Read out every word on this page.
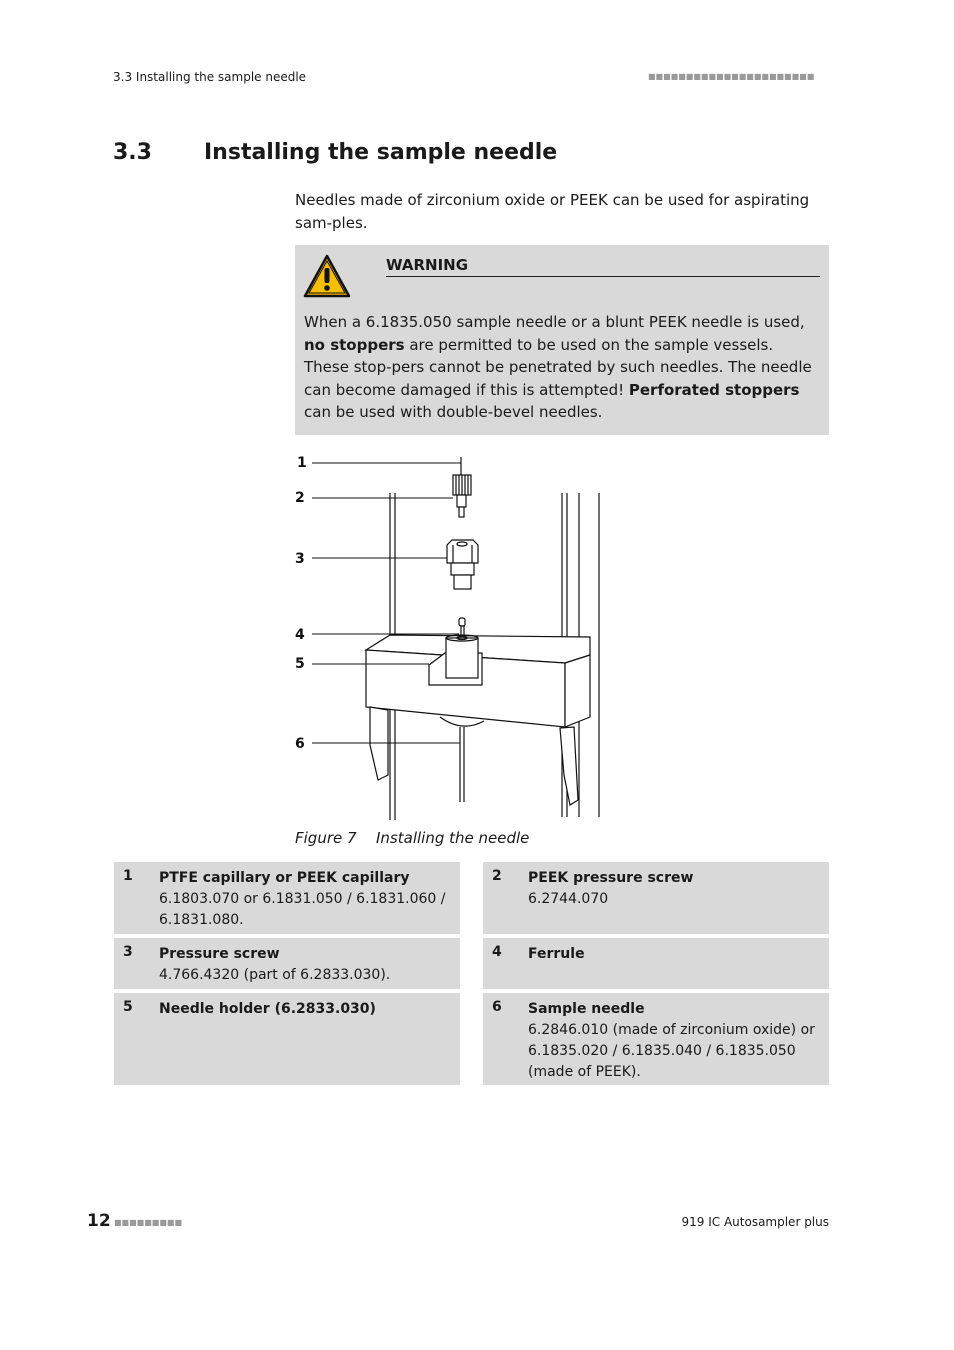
3.3 Installing the sample needle	■■■■■■■■■■■■■■■■■■■■■■
3.3 Installing the sample needle

Needles made of zirconium oxide or PEEK can be used for aspirating sam-ples.

WARNING

When a 6.1835.050 sample needle or a blunt PEEK needle is used, no stoppers are permitted to be used on the sample vessels. These stop-pers cannot be penetrated by such needles. The needle can become damaged if this is attempted! Perforated stoppers can be used with double-bevel needles.

1
2
3
4
5
6
Figure 7 Installing the needle
1 PTFE capillary or PEEK capillary
6.1803.070 or 6.1831.050 / 6.1831.060 / 6.1831.080.
2 PEEK pressure screw
6.2744.070
3 Pressure screw
4.766.4320 (part of 6.2833.030).
4 Ferrule
5 Needle holder (6.2833.030)	6 Sample needle
6.2846.010 (made of zirconium oxide) or 6.1835.020 / 6.1835.040 / 6.1835.050 (made of PEEK).
12 ■■■■■■■■■	919 IC Autosampler plus
